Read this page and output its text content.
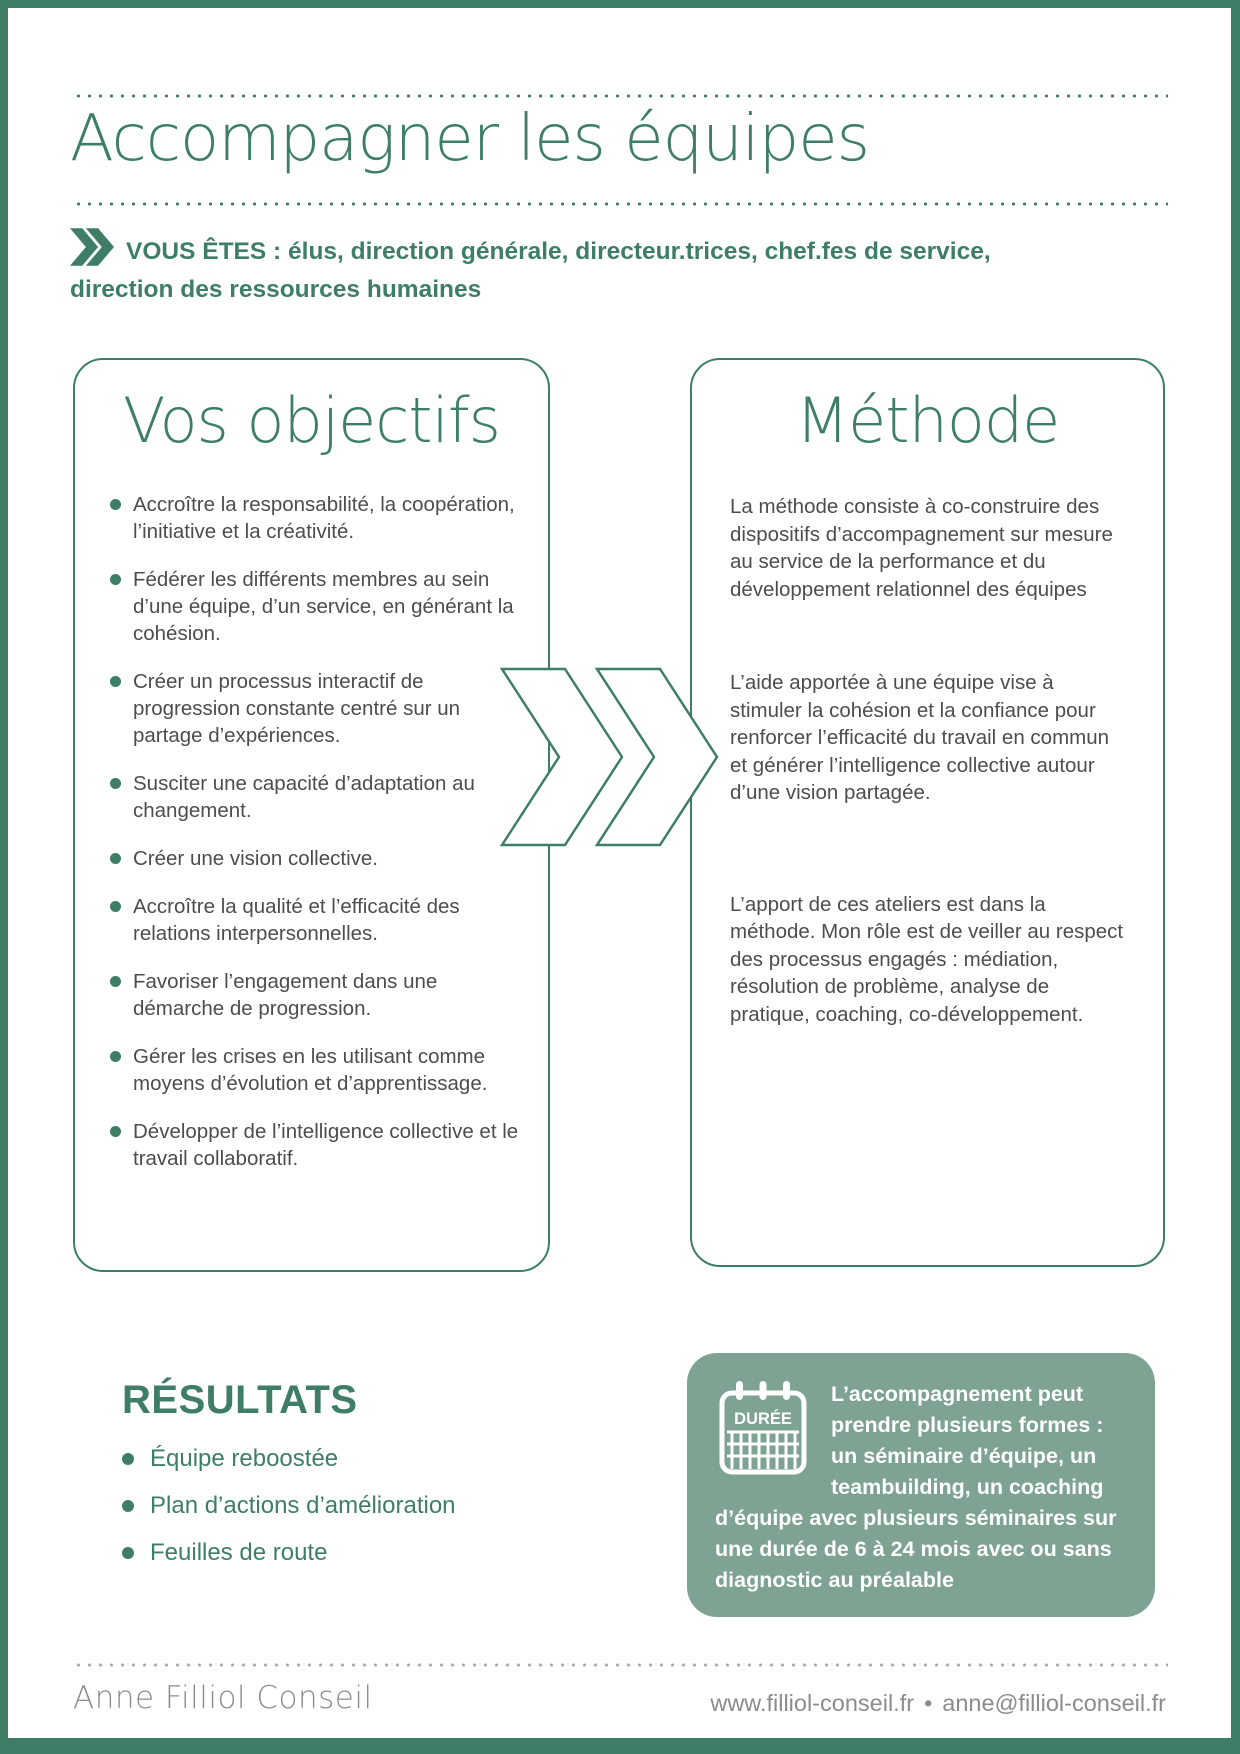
Accompagner les équipes

VOUS ÊTES : élus, direction générale, directeur.trices, chef.fes de service, direction des ressources humaines

Vos objectifs
Accroître la responsabilité, la coopération, l’initiative et la créativité.
Fédérer les différents membres au sein d’une équipe, d’un service, en générant la cohésion.
Créer un processus interactif de progression constante centré sur un partage d’expériences.
Susciter une capacité d’adaptation au changement.
Créer une vision collective.
Accroître la qualité et l’efficacité des relations interpersonnelles.
Favoriser l’engagement dans une démarche de progression.
Gérer les crises en les utilisant comme moyens d’évolution et d’apprentissage.
Développer de l’intelligence collective et le travail collaboratif.
Méthode

La méthode consiste à co-construire des dispositifs d’accompagnement sur mesure au service de la performance et du développement relationnel des équipes

L’aide apportée à une équipe vise à stimuler la cohésion et la confiance pour renforcer l’efficacité du travail en commun et générer l’intelligence collective autour d’une vision partagée.

L’apport de ces ateliers est dans la méthode. Mon rôle est de veiller au respect des processus engagés : médiation, résolution de problème, analyse de pratique, coaching, co-développement.

RÉSULTATS
Équipe reboostée
Plan d’actions d’amélioration
Feuilles de route
DURÉE

L’accompagnement peut prendre plusieurs formes : un séminaire d’équipe, un teambuilding, un coaching d’équipe avec plusieurs séminaires sur une durée de 6 à 24 mois avec ou sans diagnostic au préalable

Anne Filliol Conseil	www.filliol-conseil.fr • anne@filliol-conseil.fr
